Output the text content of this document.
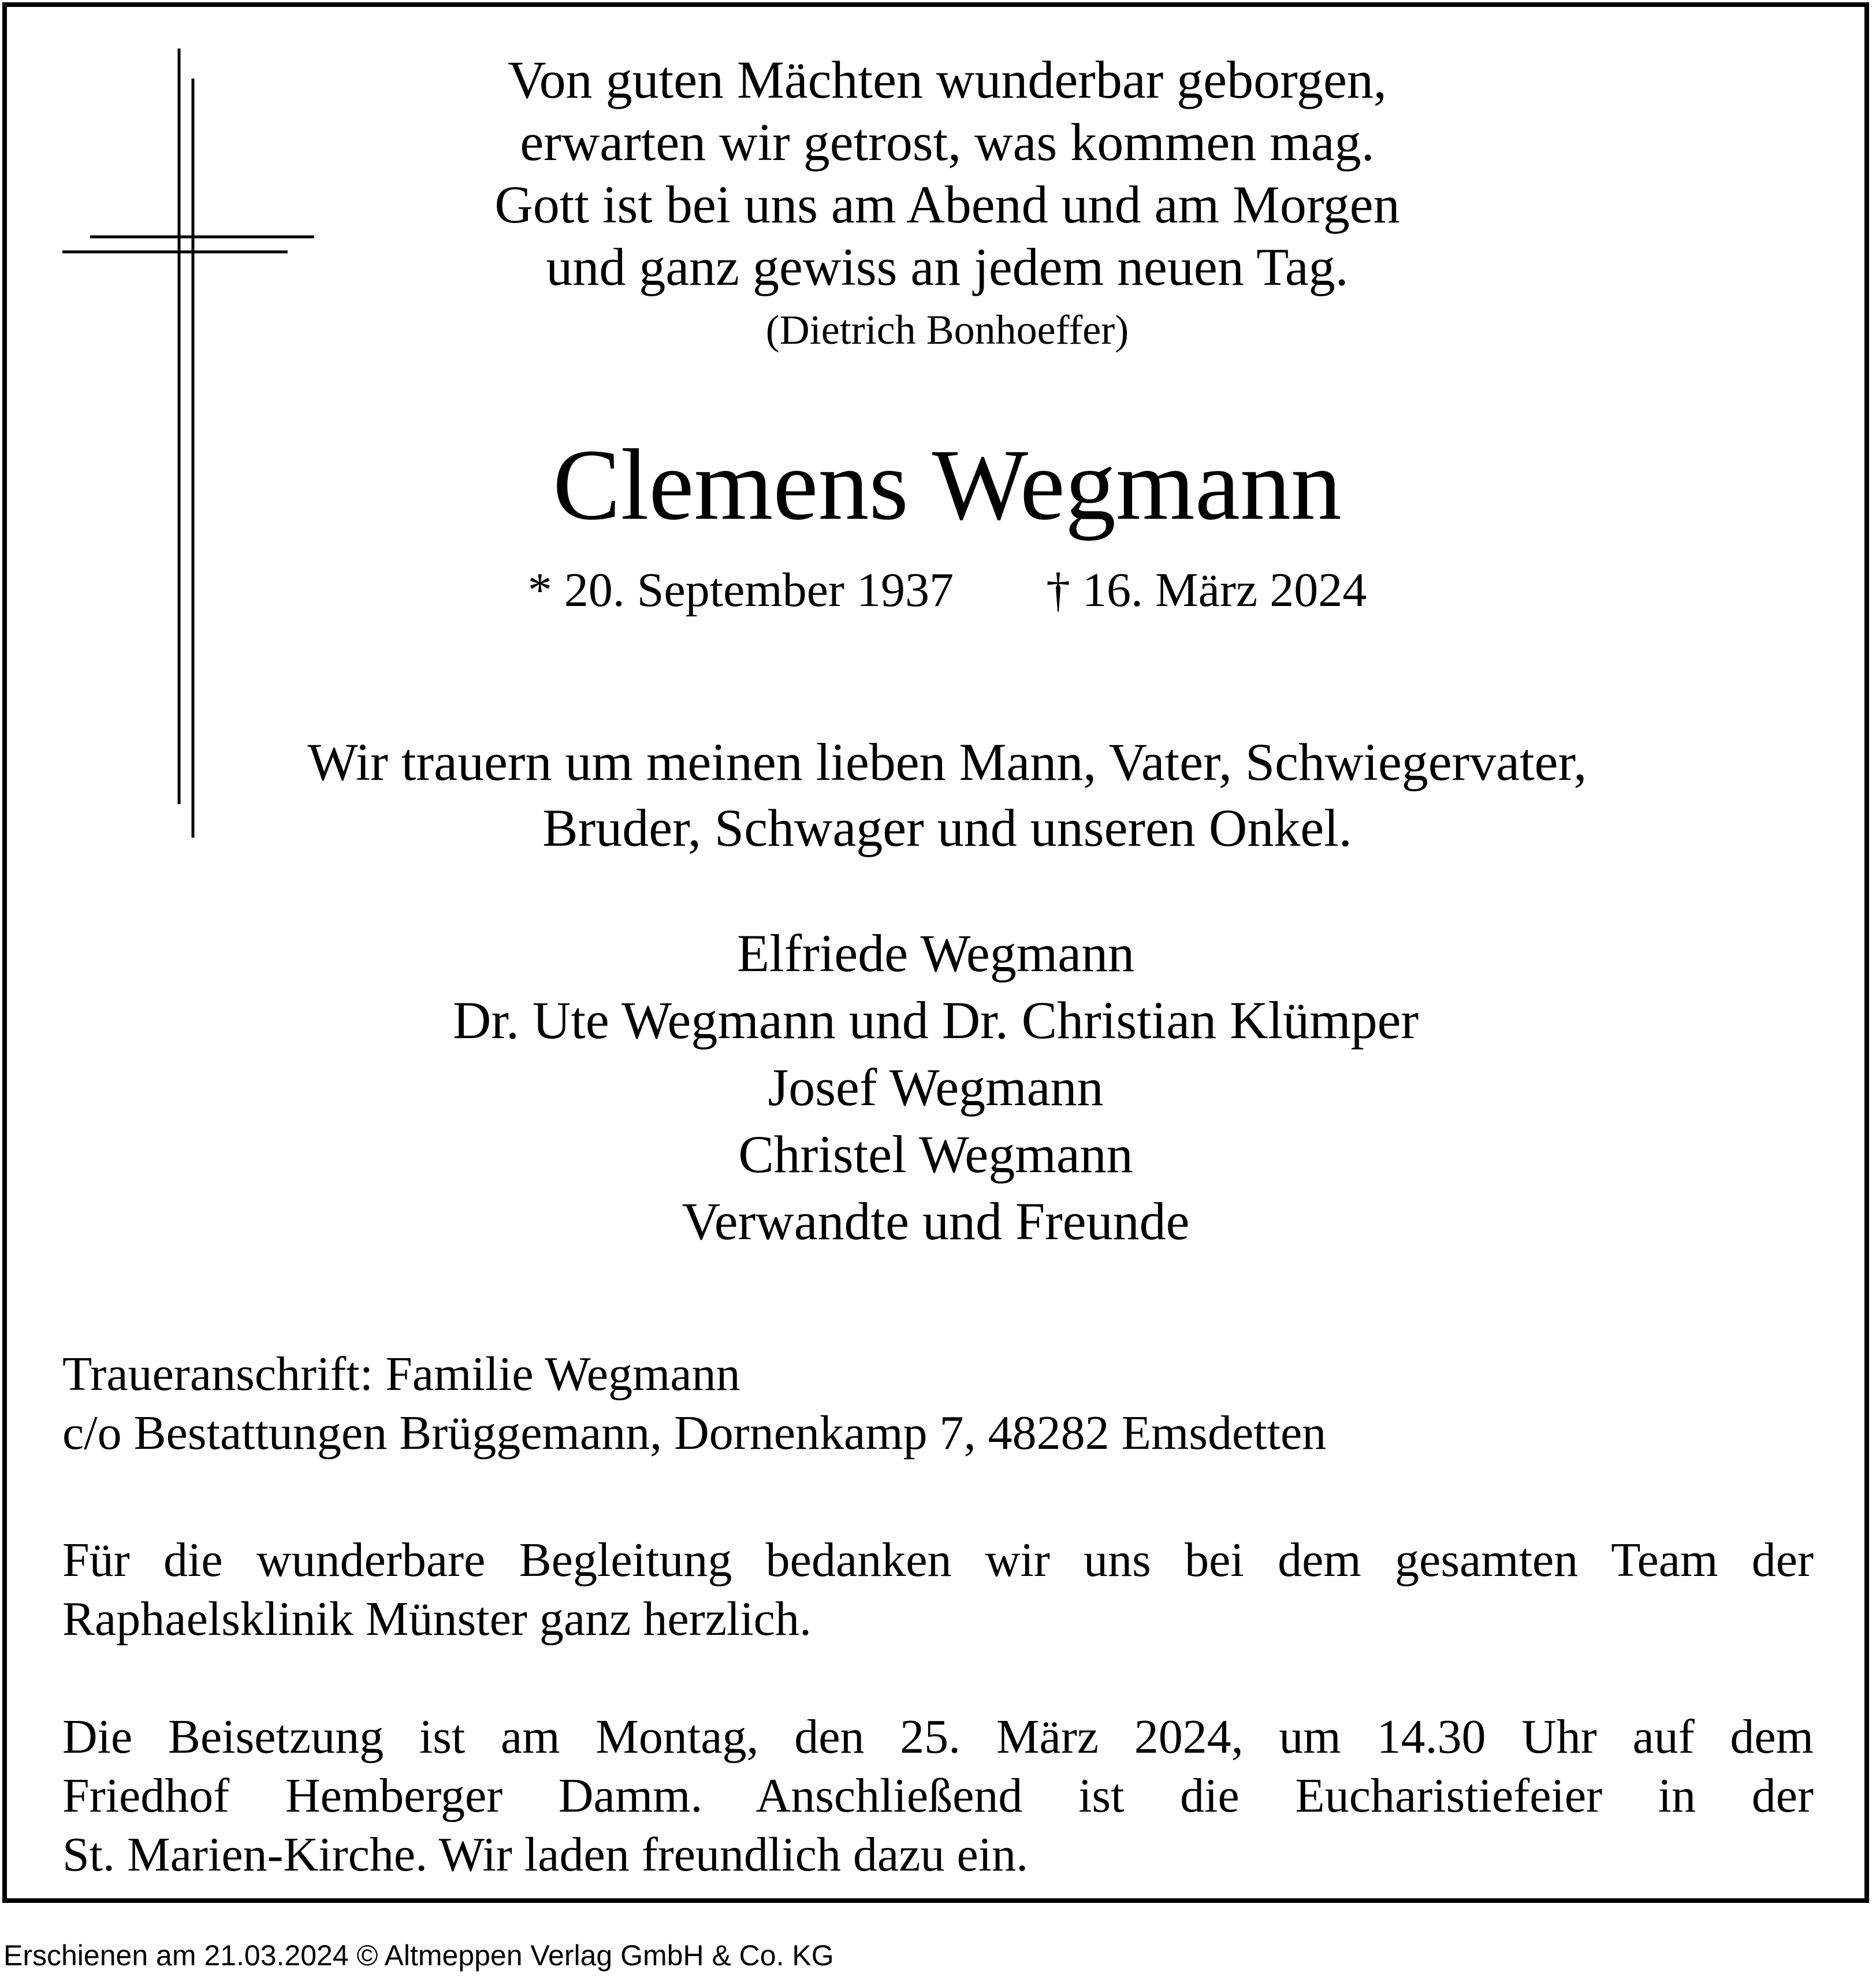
Von guten Mächten wunderbar geborgen,
erwarten wir getrost, was kommen mag.
Gott ist bei uns am Abend und am Morgen
und ganz gewiss an jedem neuen Tag.
(Dietrich Bonhoeffer)
Clemens Wegmann
* 20. September 1937 † 16. März 2024
Wir trauern um meinen lieben Mann, Vater, Schwiegervater,
Bruder, Schwager und unseren Onkel.
Elfriede Wegmann
Dr. Ute Wegmann und Dr. Christian Klümper
Josef Wegmann
Christel Wegmann
Verwandte und Freunde
Traueranschrift: Familie Wegmann
c/o Bestattungen Brüggemann, Dornenkamp 7, 48282 Emsdetten
Für die wunderbare Begleitung bedanken wir uns bei dem gesamten Team der
Raphaelsklinik Münster ganz herzlich.
Die Beisetzung ist am Montag, den 25. März 2024, um 14.30 Uhr auf dem
Friedhof Hemberger Damm. Anschließend ist die Eucharistiefeier in der
St. Marien-Kirche. Wir laden freundlich dazu ein.
Erschienen am 21.03.2024 © Altmeppen Verlag GmbH & Co. KG
